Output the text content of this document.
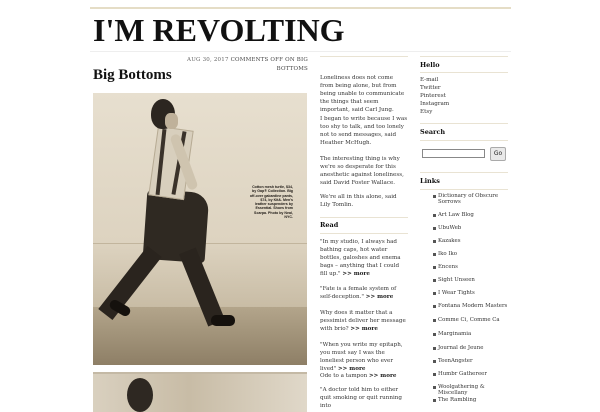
I'M REVOLTING
AUG 30, 2017 COMMENTS OFF ON BIG BOTTOMS
Big Bottoms
Cotton mesh turtle, $34, by Gap® Collection. Big off-over gabardine pants, $74, by Kit&. Men's leather suspenders by Essential. Shoes from Scarpa. Photo by Neal, NYC.

Loneliness does not come from being alone, but from being unable to communicate the things that seem important, said Carl Jung.

I began to write because I was too shy to talk, and too lonely not to send messages, said Heather McHugh.

The interesting thing is why we're so desperate for this anesthetic against loneliness, said David Foster Wallace.

We're all in this alone, said Lily Tomlin.

Read

"In my studio, I always had bathing caps, hot water bottles, galoshes and enema bags – anything that I could fill up." >> more

"Fate is a female system of self-deception." >> more

Why does it matter that a pessimist deliver her message with brio? >> more

"When you write my epitaph, you must say I was the loneliest person who ever lived" >> more

Ode to a tampon >> more

"A doctor told him to either quit smoking or quit running into

Hello
E-mail
Twitter
Pinterest
Instagram
Etsy
Search
Go
Links
Dictionary of Obscure Sorrows
Art Law Blog
UbuWeb
Kazakes
Iko Iko
Encens
Sight Unseen
I Wear Tights
Fontana Modern Masters
Comme Ci, Comme Ca
Marginamia
Journal de Jeune
TeenAngster
Humbr Gathereer
Woolgathering & Miscellany
The Rambling
